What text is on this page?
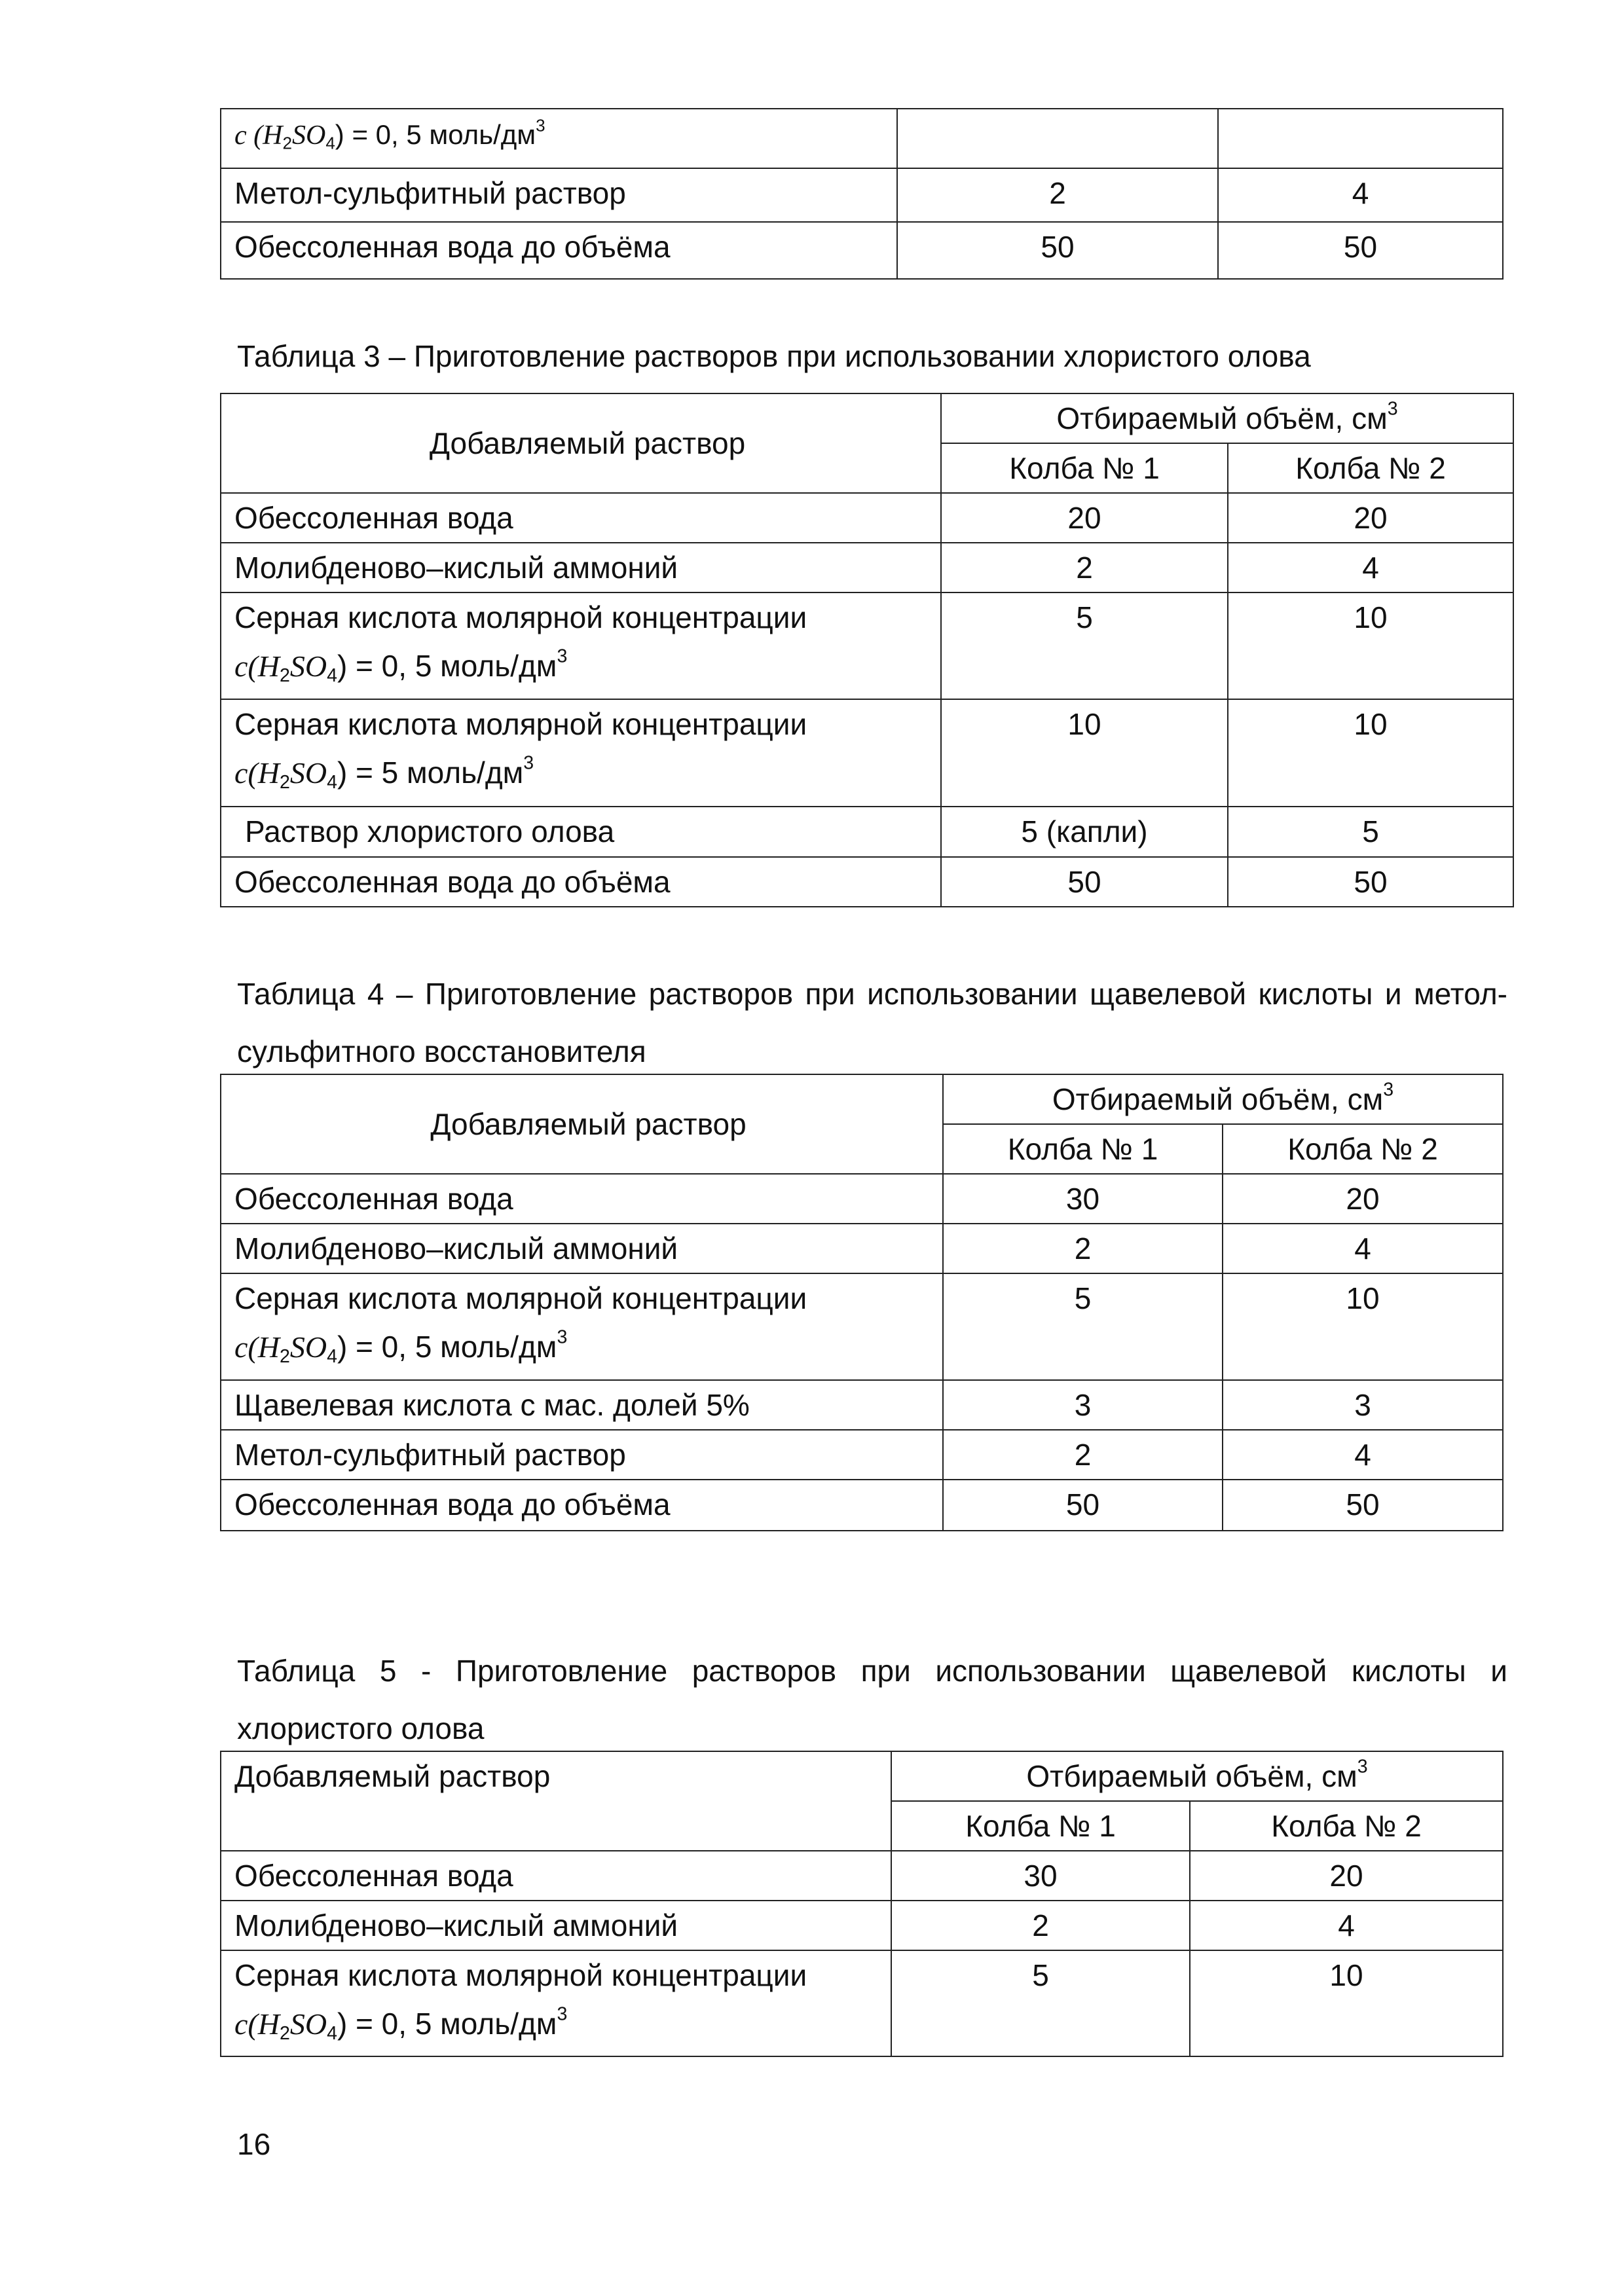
c $(H_2SO_4) = 0$, 5 моль/$дм^3$		
Метол-сульфитный раствор	2	4
Обессоленная вода до объёма	50	50
Таблица 3 – Приготовление растворов при использовании хлористого олова
Добавляемый раствор	Отбираемый объём, $см^3$
	Колба № 1	Колба № 2
Обессоленная вода	20	20
Молибденово–кислый аммоний	2	4

Серная кислота молярной концентрации
$c(H_2SO_4) = 0$, 5 моль/$дм^3$	5	10

Серная кислота молярной концентрации
$c(H_2SO_4) = 5$ моль/$дм^3$	10	10
Раствор хлористого олова	5 (капли)	5
Обессоленная вода до объёма	50	50
Таблица 4 – Приготовление растворов при использовании щавелевой кислоты и метол-сульфитного восстановителя
Добавляемый раствор	Отбираемый объём, $см^3$
	Колба № 1	Колба № 2
Обессоленная вода	30	20
Молибденово–кислый аммоний	2	4

Серная кислота молярной концентрации
$c(H_2SO_4) = 0$, 5 моль/$дм^3$	5	10
Щавелевая кислота с мас. долей 5%	3	3
Метол-сульфитный раствор	2	4
Обессоленная вода до объёма	50	50
Таблица 5 - Приготовление растворов при использовании щавелевой кислоты и хлористого олова
Добавляемый раствор	Отбираемый объём, $см^3$
	Колба № 1	Колба № 2
Обессоленная вода	30	20
Молибденово–кислый аммоний	2	4

Серная кислота молярной концентрации
$c(H_2SO_4) = 0$, 5 моль/$дм^3$	5	10
16
